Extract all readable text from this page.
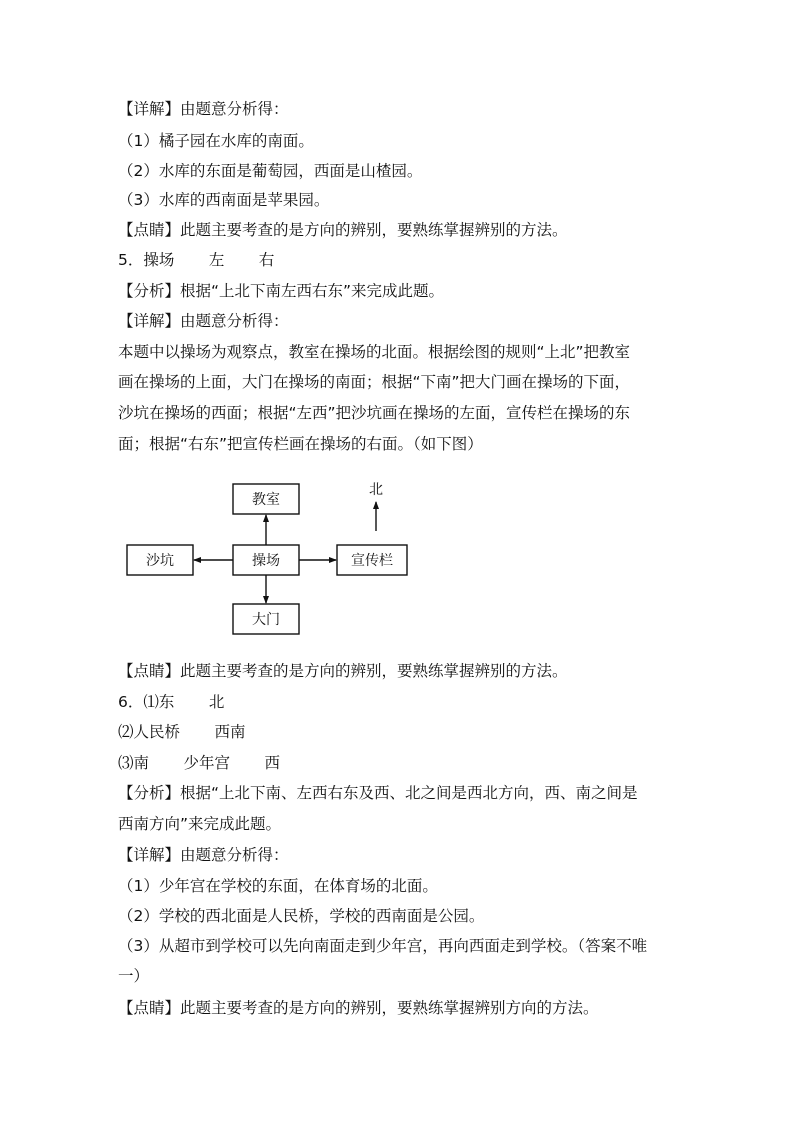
【详解】由题意分析得：
（1）橘子园在水库的南面。
（2）水库的东面是葡萄园，西面是山楂园。
（3）水库的西南面是苹果园。
【点睛】此题主要考查的是方向的辨别，要熟练掌握辨别的方法。
5．操场       左       右
【分析】根据“上北下南左西右东”来完成此题。
【详解】由题意分析得：
本题中以操场为观察点，教室在操场的北面。根据绘图的规则“上北”把教室
画在操场的上面，大门在操场的南面；根据“下南”把大门画在操场的下面，
沙坑在操场的西面；根据“左西”把沙坑画在操场的左面，宣传栏在操场的东
面；根据“右东”把宣传栏画在操场的右面。（如下图）
教室
操场
沙坑	宣传栏
大门
北
【点睛】此题主要考查的是方向的辨别，要熟练掌握辨别的方法。
6．⑴东       北
⑵人民桥       西南
⑶南       少年宫       西
【分析】根据“上北下南、左西右东及西、北之间是西北方向，西、南之间是
西南方向”来完成此题。
【详解】由题意分析得：
（1）少年宫在学校的东面，在体育场的北面。
（2）学校的西北面是人民桥，学校的西南面是公园。
（3）从超市到学校可以先向南面走到少年宫，再向西面走到学校。（答案不唯
一）
【点睛】此题主要考查的是方向的辨别，要熟练掌握辨别方向的方法。
